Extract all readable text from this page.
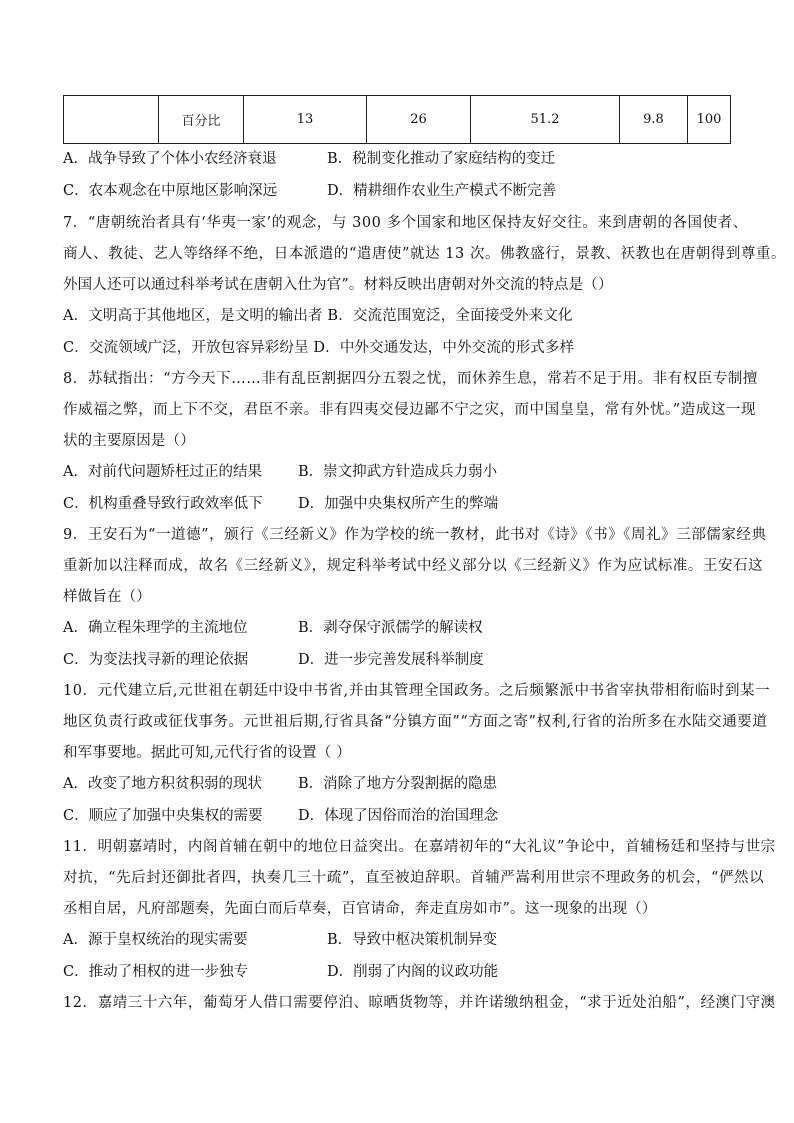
	百分比	13	26	51.2	9.8	100
A．战争导致了个体小农经济衰退	B．税制变化推动了家庭结构的变迁
C．农本观念在中原地区影响深远	D．精耕细作农业生产模式不断完善
7．“唐朝统治者具有‘华夷一家’的观念，与 300 多个国家和地区保持友好交往。来到唐朝的各国使者、
商人、教徒、艺人等络绎不绝，日本派遣的“遣唐使”就达 13 次。佛教盛行，景教、祆教也在唐朝得到尊重。
外国人还可以通过科举考试在唐朝入仕为官”。材料反映出唐朝对外交流的特点是（）
A．文明高于其他地区，是文明的输出者 B．交流范围宽泛，全面接受外来文化
C．交流领域广泛，开放包容异彩纷呈 D．中外交通发达，中外交流的形式多样
8．苏轼指出：“方今天下……非有乱臣割据四分五裂之忧，而休养生息，常若不足于用。非有权臣专制擅
作威福之弊，而上下不交，君臣不亲。非有四夷交侵边鄙不宁之灾，而中国皇皇，常有外忧。”造成这一现
状的主要原因是（）
A．对前代问题矫枉过正的结果 B．崇文抑武方针造成兵力弱小
C．机构重叠导致行政效率低下 D．加强中央集权所产生的弊端
9．王安石为“一道德”，颁行《三经新义》作为学校的统一教材，此书对《诗》《书》《周礼》三部儒家经典
重新加以注释而成，故名《三经新义》，规定科举考试中经义部分以《三经新义》作为应试标准。王安石这
样做旨在（）
A．确立程朱理学的主流地位	B．剥夺保守派儒学的解读权
C．为变法找寻新的理论依据	D．进一步完善发展科举制度
10．元代建立后,元世祖在朝廷中设中书省,并由其管理全国政务。之后频繁派中书省宰执带相衔临时到某一
地区负责行政或征伐事务。元世祖后期,行省具备“分镇方面”“方面之寄”权利,行省的治所多在水陆交通要道
和军事要地。据此可知,元代行省的设置（ ）
A．改变了地方积贫积弱的现状 B．消除了地方分裂割据的隐患
C．顺应了加强中央集权的需要 D．体现了因俗而治的治国理念
11．明朝嘉靖时，内阁首辅在朝中的地位日益突出。在嘉靖初年的“大礼议”争论中，首辅杨廷和坚持与世宗
对抗，“先后封还御批者四，执奏几三十疏”，直至被迫辞职。首辅严嵩利用世宗不理政务的机会，“俨然以
丞相自居，凡府部题奏，先面白而后草奏，百官请命，奔走直房如市”。这一现象的出现（）
A．源于皇权统治的现实需要	B．导致中枢决策机制异变
C．推动了相权的进一步独专	D．削弱了内阁的议政功能
12．嘉靖三十六年，葡萄牙人借口需要停泊、晾晒货物等，并许诺缴纳租金，“求于近处泊船”，经澳门守澳
